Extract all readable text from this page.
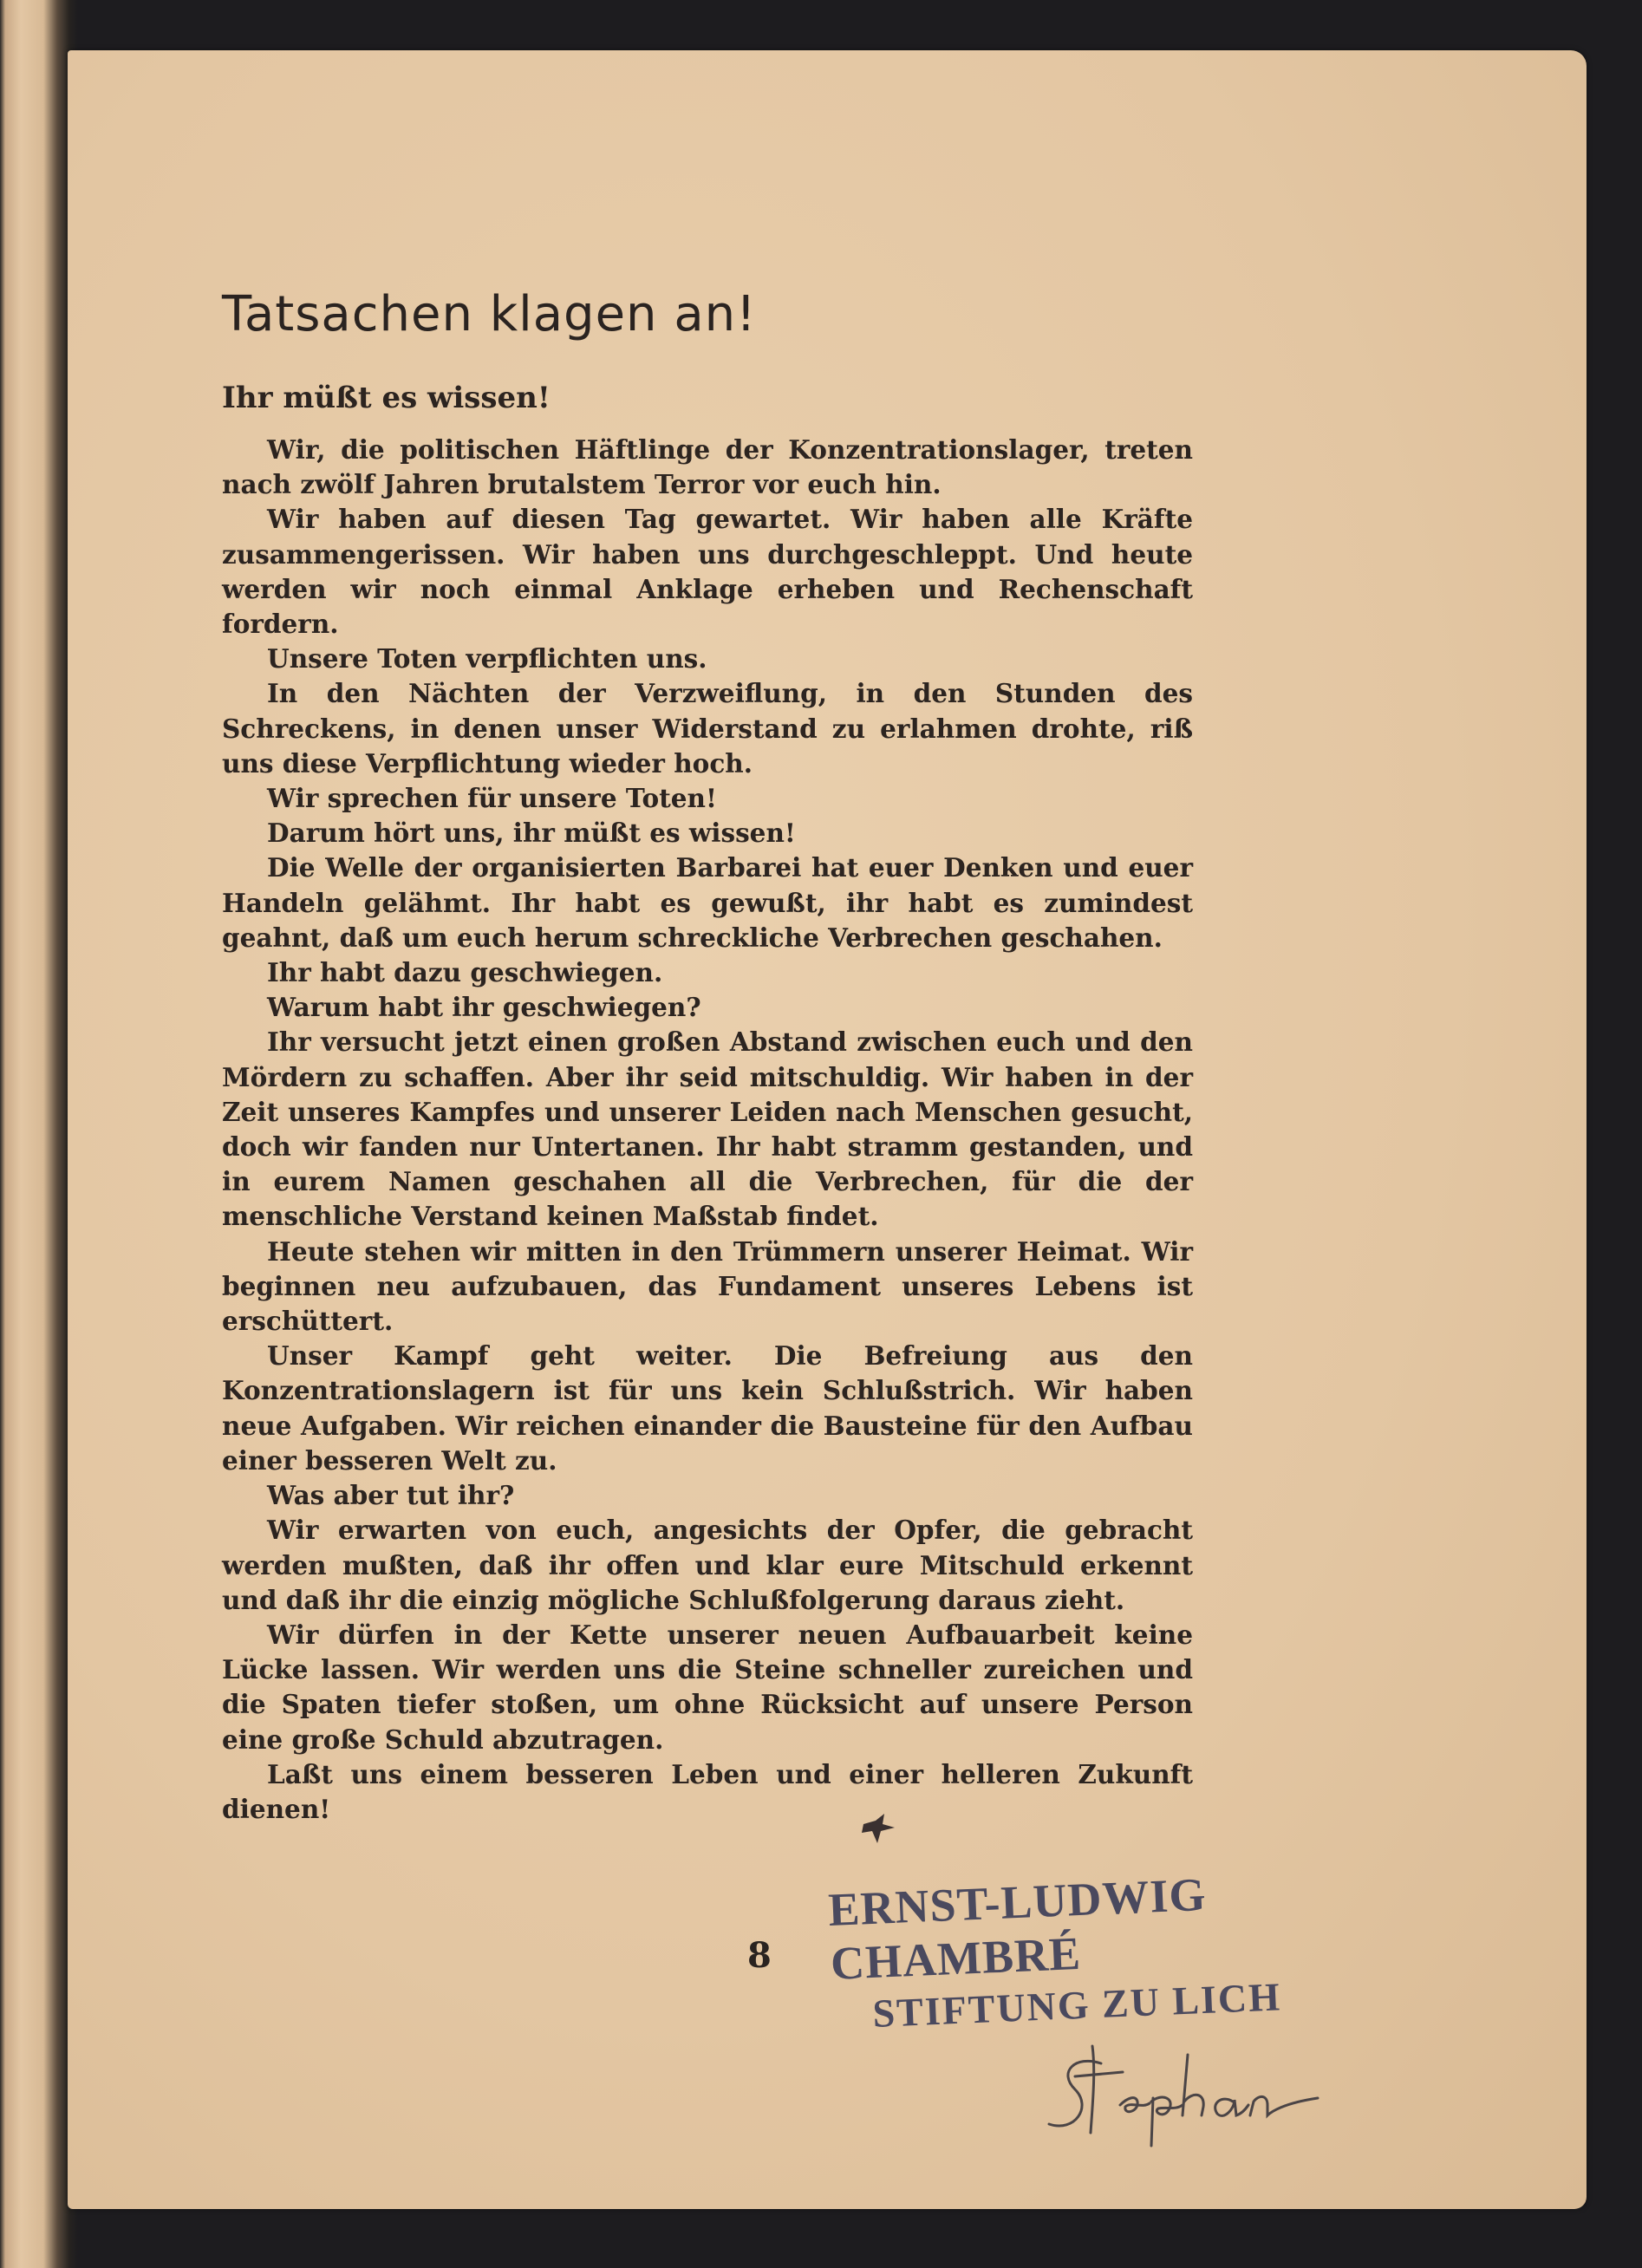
Tatsachen klagen an!
Ihr müßt es wissen!

Wir, die politischen Häftlinge der Konzentrationslager, treten nach zwölf Jahren brutalstem Terror vor euch hin.

Wir haben auf diesen Tag gewartet. Wir haben alle Kräfte zusammengerissen. Wir haben uns durchgeschleppt. Und heute werden wir noch einmal Anklage erheben und Rechenschaft fordern.

Unsere Toten verpflichten uns.

In den Nächten der Verzweiflung, in den Stunden des Schreckens, in denen unser Widerstand zu erlahmen drohte, riß uns diese Verpflichtung wieder hoch.

Wir sprechen für unsere Toten!

Darum hört uns, ihr müßt es wissen!

Die Welle der organisierten Barbarei hat euer Denken und euer Handeln gelähmt. Ihr habt es gewußt, ihr habt es zumindest geahnt, daß um euch herum schreckliche Verbrechen geschahen.

Ihr habt dazu geschwiegen.

Warum habt ihr geschwiegen?

Ihr versucht jetzt einen großen Abstand zwischen euch und den Mördern zu schaffen. Aber ihr seid mitschuldig. Wir haben in der Zeit unseres Kampfes und unserer Leiden nach Menschen gesucht, doch wir fanden nur Untertanen. Ihr habt stramm gestanden, und in eurem Namen geschahen all die Verbrechen, für die der menschliche Verstand keinen Maßstab findet.

Heute stehen wir mitten in den Trümmern unserer Heimat. Wir beginnen neu aufzubauen, das Fundament unseres Lebens ist erschüttert.

Unser Kampf geht weiter. Die Befreiung aus den Konzentrationslagern ist für uns kein Schlußstrich. Wir haben neue Aufgaben. Wir reichen einander die Bausteine für den Aufbau einer besseren Welt zu.

Was aber tut ihr?

Wir erwarten von euch, angesichts der Opfer, die gebracht werden mußten, daß ihr offen und klar eure Mitschuld erkennt und daß ihr die einzig mögliche Schlußfolgerung daraus zieht.

Wir dürfen in der Kette unserer neuen Aufbauarbeit keine Lücke lassen. Wir werden uns die Steine schneller zureichen und die Spaten tiefer stoßen, um ohne Rücksicht auf unsere Person eine große Schuld abzutragen.

Laßt uns einem besseren Leben und einer helleren Zukunft dienen!

8
ERNST-LUDWIG CHAMBRÉ
STIFTUNG ZU LICH
